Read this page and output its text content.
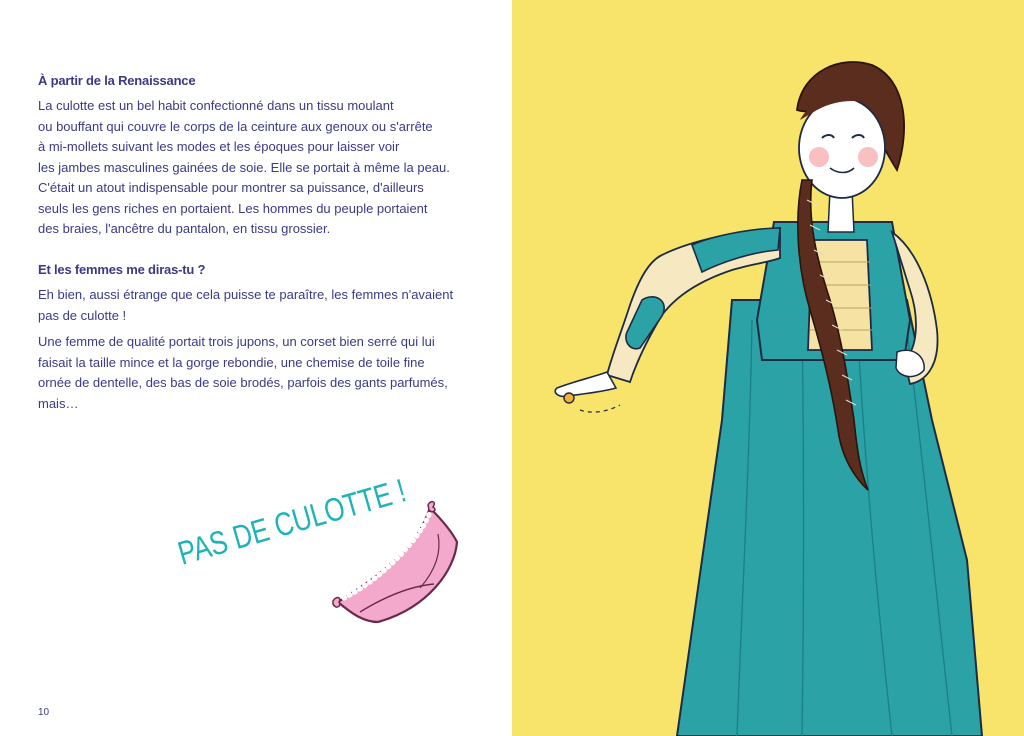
À partir de la Renaissance

La culotte est un bel habit confectionné dans un tissu moulant
ou bouffant qui couvre le corps de la ceinture aux genoux ou s'arrête
à mi-mollets suivant les modes et les époques pour laisser voir
les jambes masculines gainées de soie. Elle se portait à même la peau.
C'était un atout indispensable pour montrer sa puissance, d'ailleurs
seuls les gens riches en portaient. Les hommes du peuple portaient
des braies, l'ancêtre du pantalon, en tissu grossier.

Et les femmes me diras-tu ?

Eh bien, aussi étrange que cela puisse te paraître, les femmes n'avaient
pas de culotte !

Une femme de qualité portait trois jupons, un corset bien serré qui lui
faisait la taille mince et la gorge rebondie, une chemise de toile fine
ornée de dentelle, des bas de soie brodés, parfois des gants parfumés,
mais…

PAS DE CULOTTE !
10
